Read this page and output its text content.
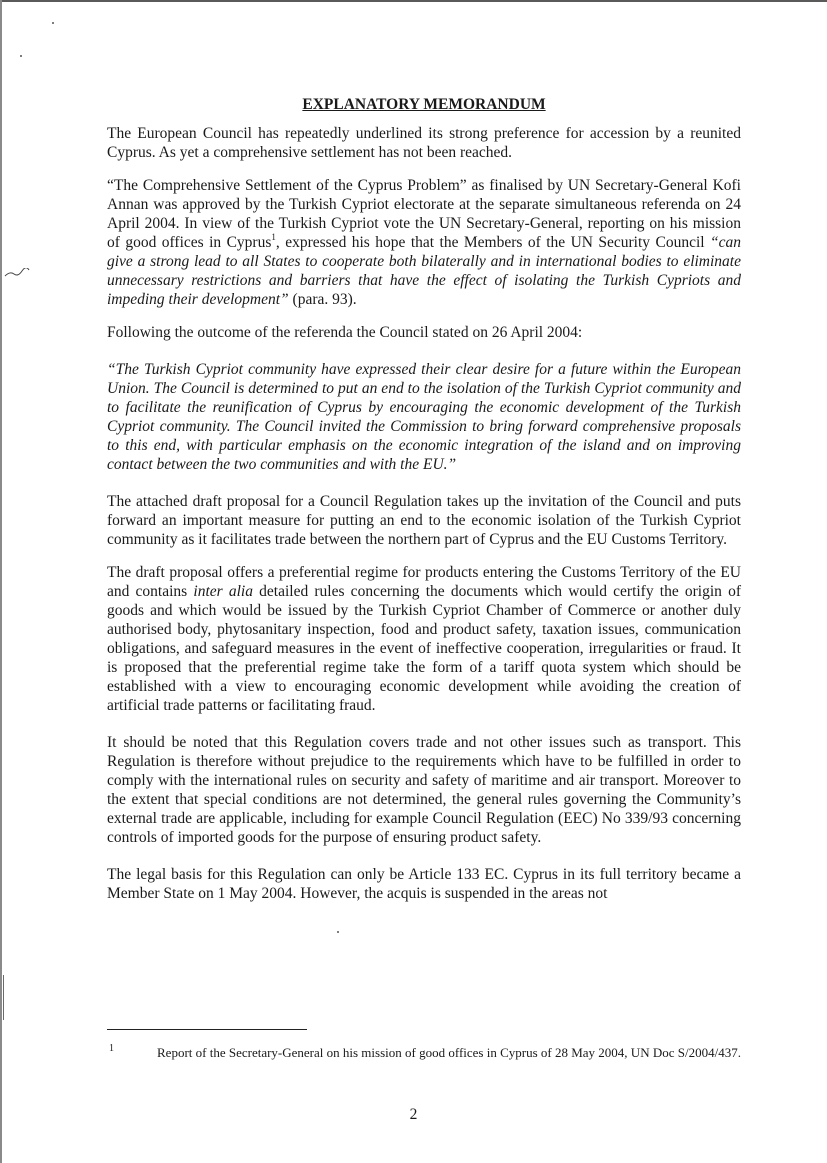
EXPLANATORY MEMORANDUM

The European Council has repeatedly underlined its strong preference for accession by a reunited Cyprus. As yet a comprehensive settlement has not been reached.

“The Comprehensive Settlement of the Cyprus Problem” as finalised by UN Secretary-General Kofi Annan was approved by the Turkish Cypriot electorate at the separate simultaneous referenda on 24 April 2004. In view of the Turkish Cypriot vote the UN Secretary-General, reporting on his mission of good offices in Cyprus$^1$, expressed his hope that the Members of the UN Security Council “can give a strong lead to all States to cooperate both bilaterally and in international bodies to eliminate unnecessary restrictions and barriers that have the effect of isolating the Turkish Cypriots and impeding their development” (para. 93).

Following the outcome of the referenda the Council stated on 26 April 2004:

“The Turkish Cypriot community have expressed their clear desire for a future within the European Union. The Council is determined to put an end to the isolation of the Turkish Cypriot community and to facilitate the reunification of Cyprus by encouraging the economic development of the Turkish Cypriot community. The Council invited the Commission to bring forward comprehensive proposals to this end, with particular emphasis on the economic integration of the island and on improving contact between the two communities and with the EU.”

The attached draft proposal for a Council Regulation takes up the invitation of the Council and puts forward an important measure for putting an end to the economic isolation of the Turkish Cypriot community as it facilitates trade between the northern part of Cyprus and the EU Customs Territory.

The draft proposal offers a preferential regime for products entering the Customs Territory of the EU and contains inter alia detailed rules concerning the documents which would certify the origin of goods and which would be issued by the Turkish Cypriot Chamber of Commerce or another duly authorised body, phytosanitary inspection, food and product safety, taxation issues, communication obligations, and safeguard measures in the event of ineffective cooperation, irregularities or fraud. It is proposed that the preferential regime take the form of a tariff quota system which should be established with a view to encouraging economic development while avoiding the creation of artificial trade patterns or facilitating fraud.

It should be noted that this Regulation covers trade and not other issues such as transport. This Regulation is therefore without prejudice to the requirements which have to be fulfilled in order to comply with the international rules on security and safety of maritime and air transport. Moreover to the extent that special conditions are not determined, the general rules governing the Community’s external trade are applicable, including for example Council Regulation (EEC) No 339/93 concerning controls of imported goods for the purpose of ensuring product safety.

The legal basis for this Regulation can only be Article 133 EC. Cyprus in its full territory became a Member State on 1 May 2004. However, the acquis is suspended in the areas not

1	Report of the Secretary-General on his mission of good offices in Cyprus of 28 May 2004, UN Doc S/2004/437.
2
